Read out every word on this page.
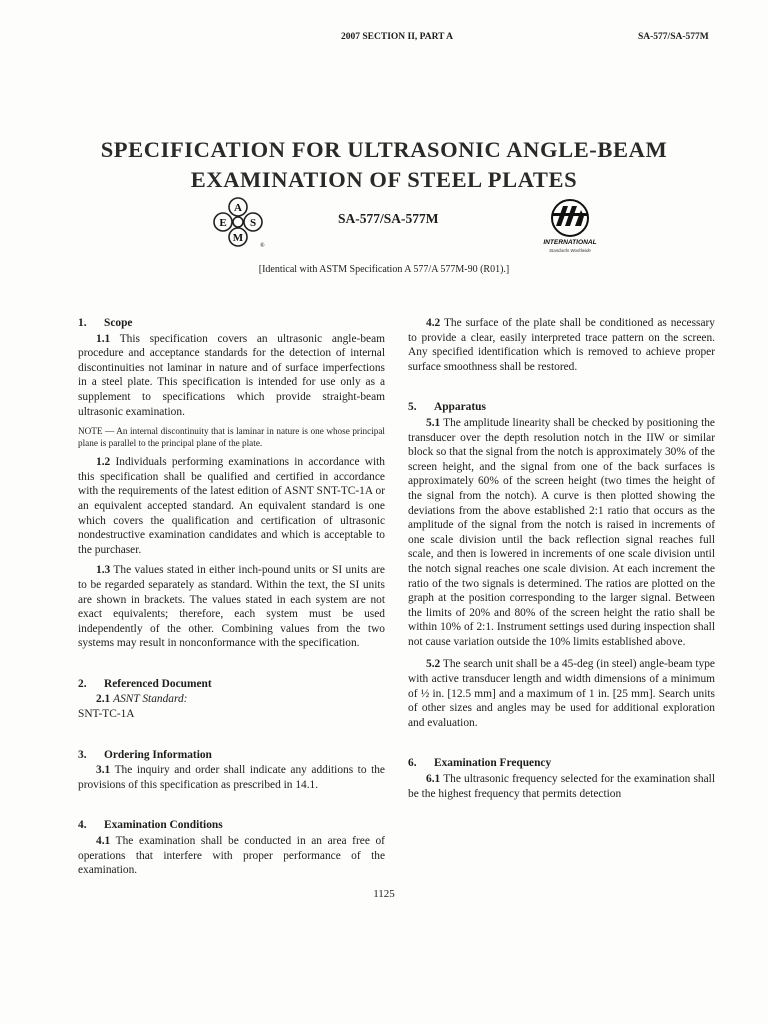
2007 SECTION II, PART A	SA-577/SA-577M
SPECIFICATION FOR ULTRASONIC ANGLE-BEAM
EXAMINATION OF STEEL PLATES
A
E S
M
®
SA-577/SA-577M
INTERNATIONAL
Standards Worldwide
[Identical with ASTM Specification A 577/A 577M-90 (R01).]

1. Scope

1.1 This specification covers an ultrasonic angle-beam procedure and acceptance standards for the detection of internal discontinuities not laminar in nature and of surface imperfections in a steel plate. This specification is intended for use only as a supplement to specifications which provide straight-beam ultrasonic examination.

NOTE — An internal discontinuity that is laminar in nature is one whose principal plane is parallel to the principal plane of the plate.

1.2 Individuals performing examinations in accordance with this specification shall be qualified and certified in accordance with the requirements of the latest edition of ASNT SNT-TC-1A or an equivalent accepted standard. An equivalent standard is one which covers the qualification and certification of ultrasonic nondestructive examination candidates and which is acceptable to the purchaser.

1.3 The values stated in either inch-pound units or SI units are to be regarded separately as standard. Within the text, the SI units are shown in brackets. The values stated in each system are not exact equivalents; therefore, each system must be used independently of the other. Combining values from the two systems may result in nonconformance with the specification.

2. Referenced Document

2.1 ASNT Standard:

SNT-TC-1A

3. Ordering Information

3.1 The inquiry and order shall indicate any additions to the provisions of this specification as prescribed in 14.1.

4. Examination Conditions

4.1 The examination shall be conducted in an area free of operations that interfere with proper performance of the examination.

4.2 The surface of the plate shall be conditioned as necessary to provide a clear, easily interpreted trace pattern on the screen. Any specified identification which is removed to achieve proper surface smoothness shall be restored.

5. Apparatus

5.1 The amplitude linearity shall be checked by positioning the transducer over the depth resolution notch in the IIW or similar block so that the signal from the notch is approximately 30% of the screen height, and the signal from one of the back surfaces is approximately 60% of the screen height (two times the height of the signal from the notch). A curve is then plotted showing the deviations from the above established 2:1 ratio that occurs as the amplitude of the signal from the notch is raised in increments of one scale division until the back reflection signal reaches full scale, and then is lowered in increments of one scale division until the notch signal reaches one scale division. At each increment the ratio of the two signals is determined. The ratios are plotted on the graph at the position corresponding to the larger signal. Between the limits of 20% and 80% of the screen height the ratio shall be within 10% of 2:1. Instrument settings used during inspection shall not cause variation outside the 10% limits established above.

5.2 The search unit shall be a 45-deg (in steel) angle-beam type with active transducer length and width dimensions of a minimum of ½ in. [12.5 mm] and a maximum of 1 in. [25 mm]. Search units of other sizes and angles may be used for additional exploration and evaluation.

6. Examination Frequency

6.1 The ultrasonic frequency selected for the examination shall be the highest frequency that permits detection

1125
